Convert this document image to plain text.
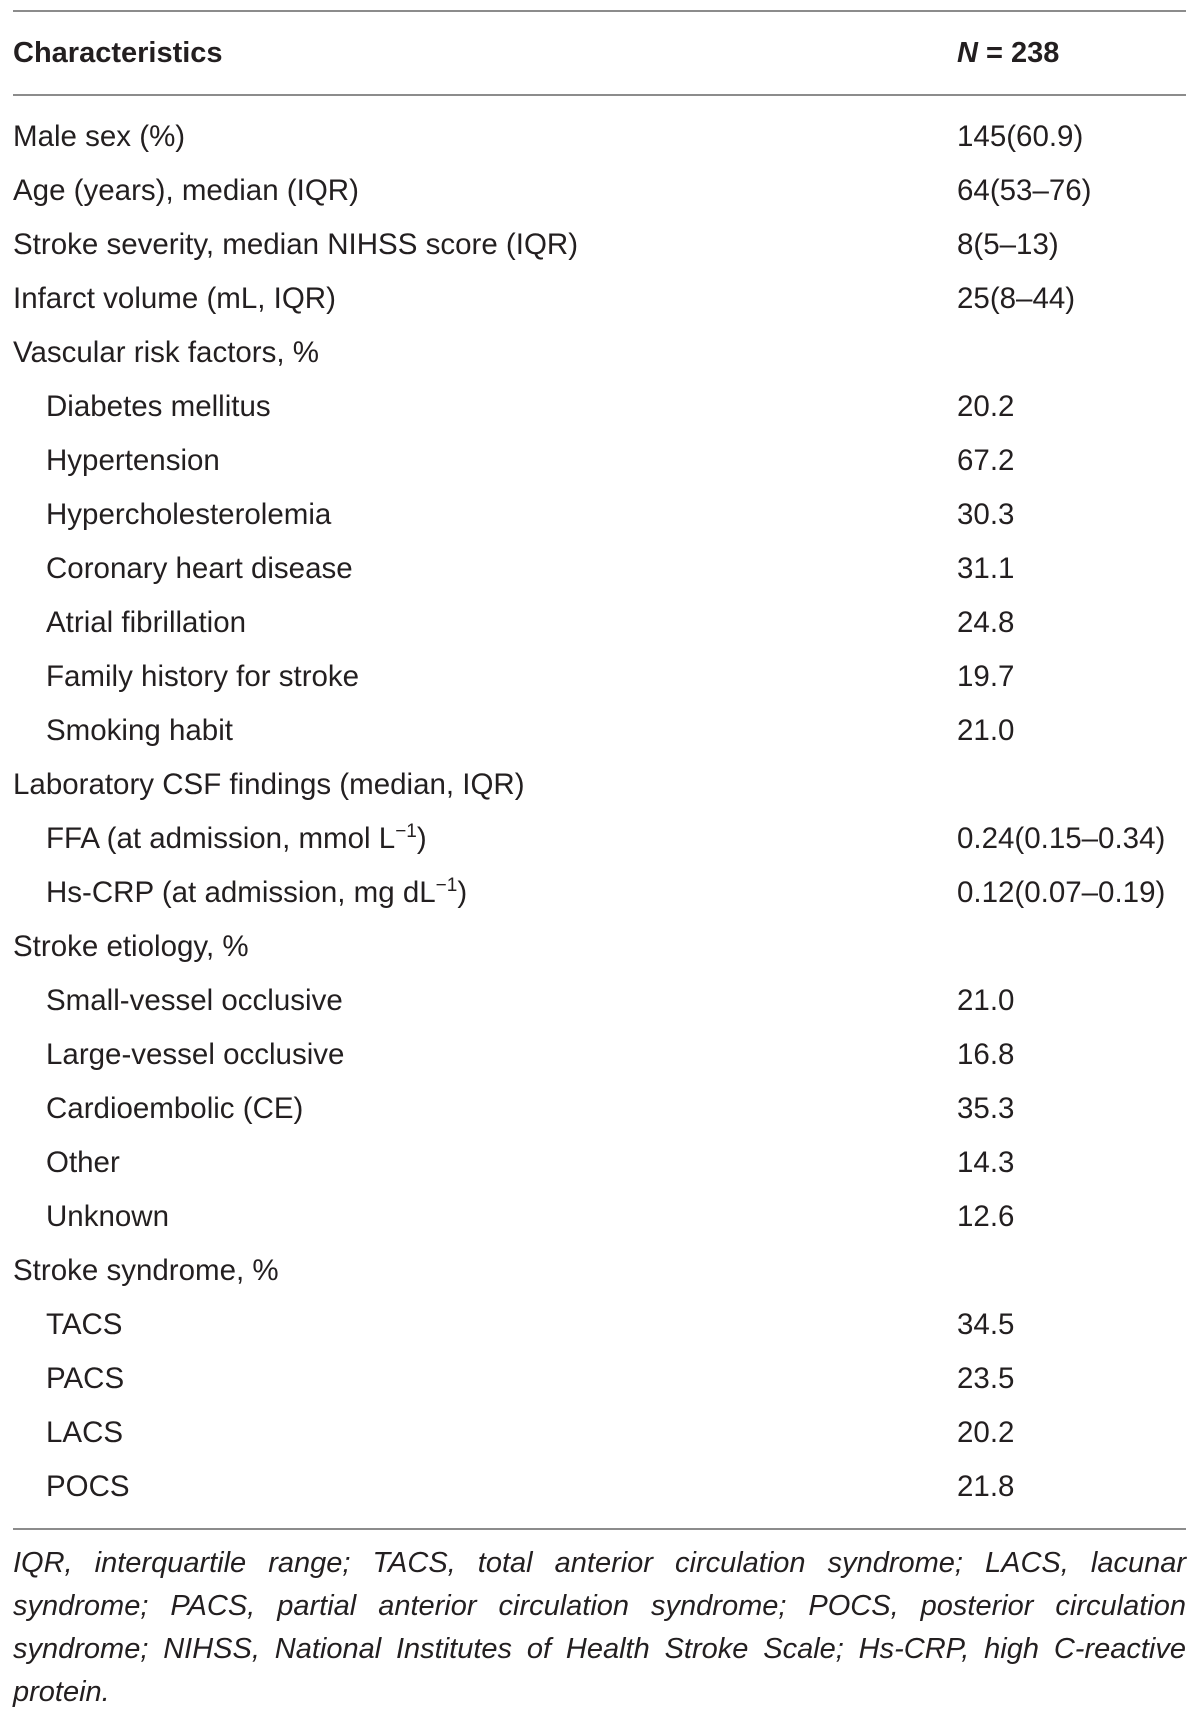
Characteristics	N = 238
Male sex (%)	145(60.9)
Age (years), median (IQR)	64(53–76)
Stroke severity, median NIHSS score (IQR)	8(5–13)
Infarct volume (mL, IQR)	25(8–44)
Vascular risk factors, %
Diabetes mellitus	20.2
Hypertension	67.2
Hypercholesterolemia	30.3
Coronary heart disease	31.1
Atrial fibrillation	24.8
Family history for stroke	19.7
Smoking habit	21.0
Laboratory CSF findings (median, IQR)
FFA (at admission, mmol $L^{-1}$)	0.24(0.15–0.34)
Hs-CRP (at admission, mg $dL^{-1}$)	0.12(0.07–0.19)
Stroke etiology, %
Small-vessel occlusive	21.0
Large-vessel occlusive	16.8
Cardioembolic (CE)	35.3
Other	14.3
Unknown	12.6
Stroke syndrome, %
TACS	34.5
PACS	23.5
LACS	20.2
POCS	21.8
IQR, interquartile range; TACS, total anterior circulation syndrome; LACS, lacunar syndrome; PACS, partial anterior circulation syndrome; POCS, posterior circulation syndrome; NIHSS, National Institutes of Health Stroke Scale; Hs-CRP, high C-reactive protein.
